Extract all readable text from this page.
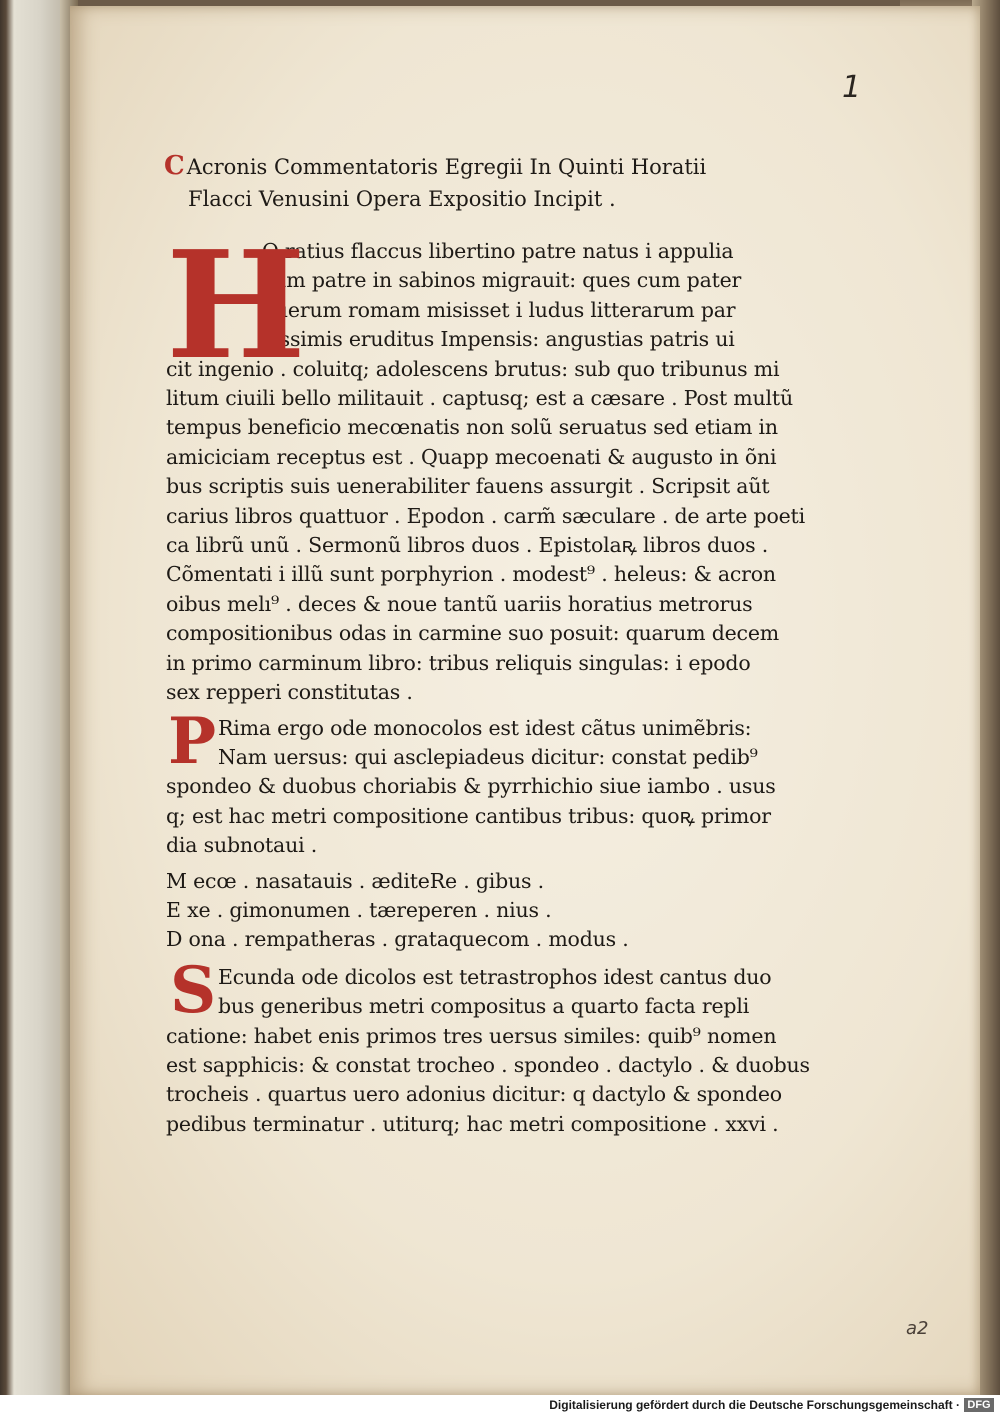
1
CAcronis Commentatoris Egregii In Quinti Horatii
Flacci Venusini Opera Expositio Incipit .
H
O ratius flaccus libertino patre natus i appulia
cum patre in sabinos migrauit: ques cum pater
puerum romam misisset i ludus litterarum par
cissimis eruditus Impensis: angustias patris ui
cit ingenio . coluitq; adolescens brutus: sub quo tribunus mi
litum ciuili bello militauit . captusq; est a cæsare . Post multũ
tempus beneficio mecœnatis non solũ seruatus sed etiam in
amiciciam receptus est . Quapp mecoenati & augusto in õni
bus scriptis suis uenerabiliter fauens assurgit . Scripsit aũt
carius libros quattuor . Epodon . carm̃ sæculare . de arte poeti
ca librũ unũ . Sermonũ libros duos . Epistolaꝶ libros duos .
Cõmentati i illũ sunt porphyrion . modest⁹ . heleus: & acron
oibus melı⁹ . deces & noue tantũ uariis horatius metrorus
compositionibus odas in carmine suo posuit: quarum decem
in primo carminum libro: tribus reliquis singulas: i epodo
sex repperi constitutas .
P Rima ergo ode monocolos est idest cãtus unimẽbris:
Nam uersus: qui asclepiadeus dicitur: constat pedib⁹
spondeo & duobus choriabis & pyrrhichio siue iambo . usus
q; est hac metri compositione cantibus tribus: quoꝶ primor
dia subnotaui .
M ecœ . nasatauis . æditeRe . gibus .
E xe . gimonumen . tæreperen . nius .
D ona . rempatheras . grataquecom . modus .
S Ecunda ode dicolos est tetrastrophos idest cantus duo
bus generibus metri compositus a quarto facta repli
catione: habet enis primos tres uersus similes: quib⁹ nomen
est sapphicis: & constat trocheo . spondeo . dactylo . & duobus
trocheis . quartus uero adonius dicitur: q dactylo & spondeo
pedibus terminatur . utiturq; hac metri compositione . xxvi .
a2
Digitalisierung gefördert durch die Deutsche Forschungsgemeinschaft · DFG
